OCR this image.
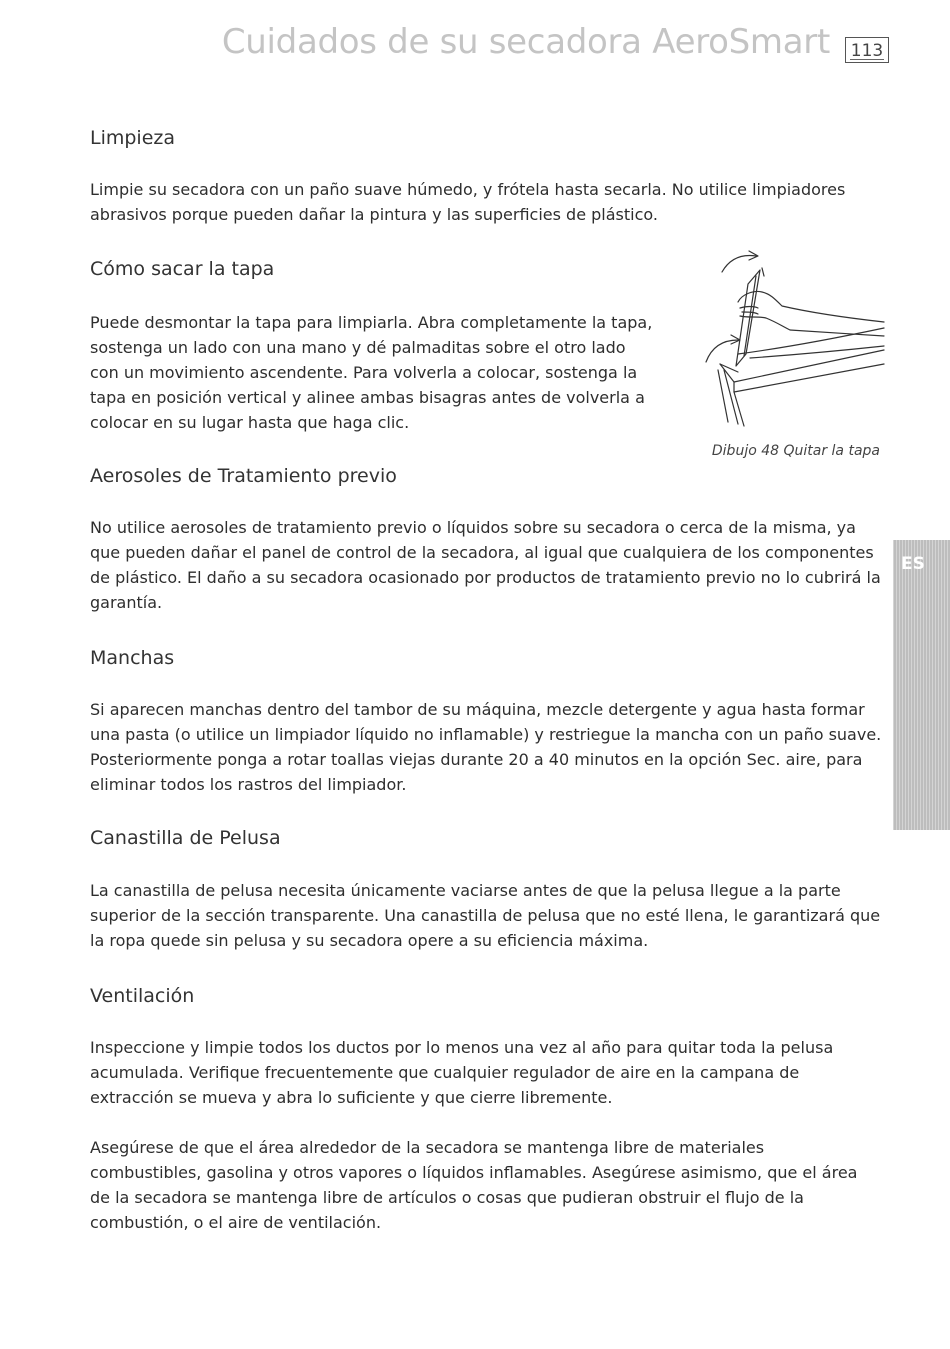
Cuidados de su secadora AeroSmart	113
Limpieza

Limpie su secadora con un paño suave húmedo, y frótela hasta secarla. No utilice limpiadores abrasivos porque pueden dañar la pintura y las superficies de plástico.

Cómo sacar la tapa

Puede desmontar la tapa para limpiarla. Abra completamente la tapa, sostenga un lado con una mano y dé palmaditas sobre el otro lado con un movimiento ascendente. Para volverla a colocar, sostenga la tapa en posición vertical y alinee ambas bisagras antes de volverla a colocar en su lugar hasta que haga clic.

Dibujo 48 Quitar la tapa
Aerosoles de Tratamiento previo

No utilice aerosoles de tratamiento previo o líquidos sobre su secadora o cerca de la misma, ya que pueden dañar el panel de control de la secadora, al igual que cualquiera de los componentes de plástico. El daño a su secadora ocasionado por productos de tratamiento previo no lo cubrirá la garantía.

Manchas

Si aparecen manchas dentro del tambor de su máquina, mezcle detergente y agua hasta formar una pasta (o utilice un limpiador líquido no inflamable) y restriegue la mancha con un paño suave. Posteriormente ponga a rotar toallas viejas durante 20 a 40 minutos en la opción Sec. aire, para eliminar todos los rastros del limpiador.

Canastilla de Pelusa

La canastilla de pelusa necesita únicamente vaciarse antes de que la pelusa llegue a la parte superior de la sección transparente. Una canastilla de pelusa que no esté llena, le garantizará que la ropa quede sin pelusa y su secadora opere a su eficiencia máxima.

Ventilación

Inspeccione y limpie todos los ductos por lo menos una vez al año para quitar toda la pelusa acumulada. Verifique frecuentemente que cualquier regulador de aire en la campana de extracción se mueva y abra lo suficiente y que cierre libremente.

Asegúrese de que el área alrededor de la secadora se mantenga libre de materiales combustibles, gasolina y otros vapores o líquidos inflamables. Asegúrese asimismo, que el área de la secadora se mantenga libre de artículos o cosas que pudieran obstruir el flujo de la combustión, o el aire de ventilación.

ES
